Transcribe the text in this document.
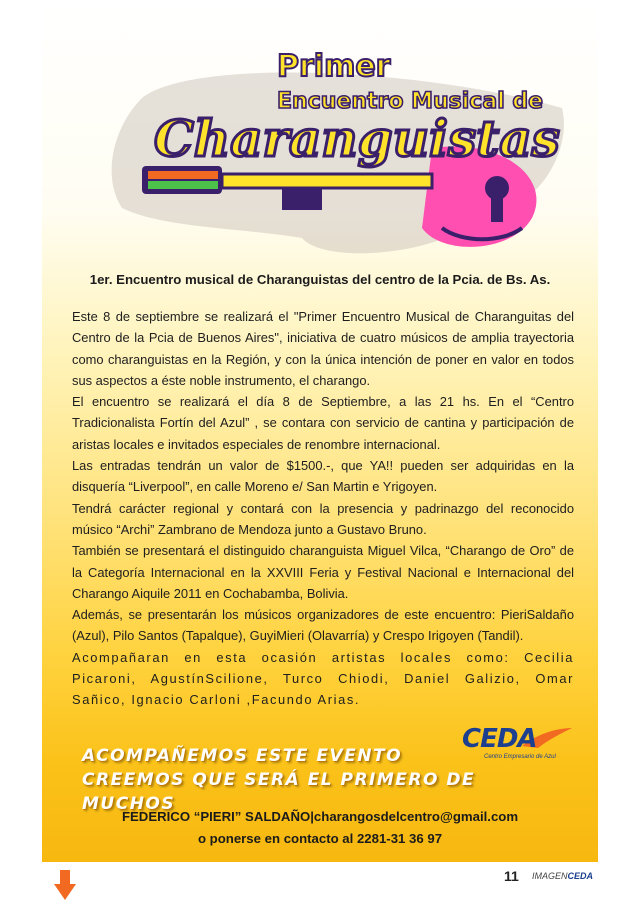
Primer
Encuentro Musical de
Charanguistas
1er. Encuentro musical de Charanguistas del centro de la Pcia. de Bs. As.

Este 8 de septiembre se realizará el "Primer Encuentro Musical de Charanguitas del Centro de la Pcia de Buenos Aires", iniciativa de cuatro músicos de amplia trayectoria como charanguistas en la Región, y con la única intención de poner en valor en todos sus aspectos a éste noble instrumento, el charango.

El encuentro se realizará el día 8 de Septiembre, a las 21 hs. En el “Centro Tradicionalista Fortín del Azul” , se contara con servicio de cantina y participación de aristas locales e invitados especiales de renombre internacional.

Las entradas tendrán un valor de $1500.-, que YA!! pueden ser adquiridas en la disquería “Liverpool”, en calle Moreno e/ San Martin e Yrigoyen.

Tendrá carácter regional y contará con la presencia y padrinazgo del reconocido músico “Archi” Zambrano de Mendoza junto a Gustavo Bruno.

También se presentará el distinguido charanguista Miguel Vilca, “Charango de Oro” de la Categoría Internacional en la XXVIII Feria y Festival Nacional e Internacional del Charango Aiquile 2011 en Cochabamba, Bolivia.

Además, se presentarán los músicos organizadores de este encuentro: PieriSaldaño (Azul), Pilo Santos (Tapalque), GuyiMieri (Olavarría) y Crespo Irigoyen (Tandil).

Acompañaran en esta ocasión artistas locales como: Cecilia Picaroni, AgustínScilione, Turco Chiodi, Daniel Galizio, Omar Sañico, Ignacio Carloni ,Facundo Arias.

CEDA
Centro Empresario de Azul
ACOMPAÑEMOS ESTE EVENTO
CREEMOS QUE SERÁ EL PRIMERO DE MUCHOS
FEDERICO “PIERI” SALDAÑO|charangosdelcentro@gmail.com
o ponerse en contacto al 2281-31 36 97
11 IMAGENCEDA
